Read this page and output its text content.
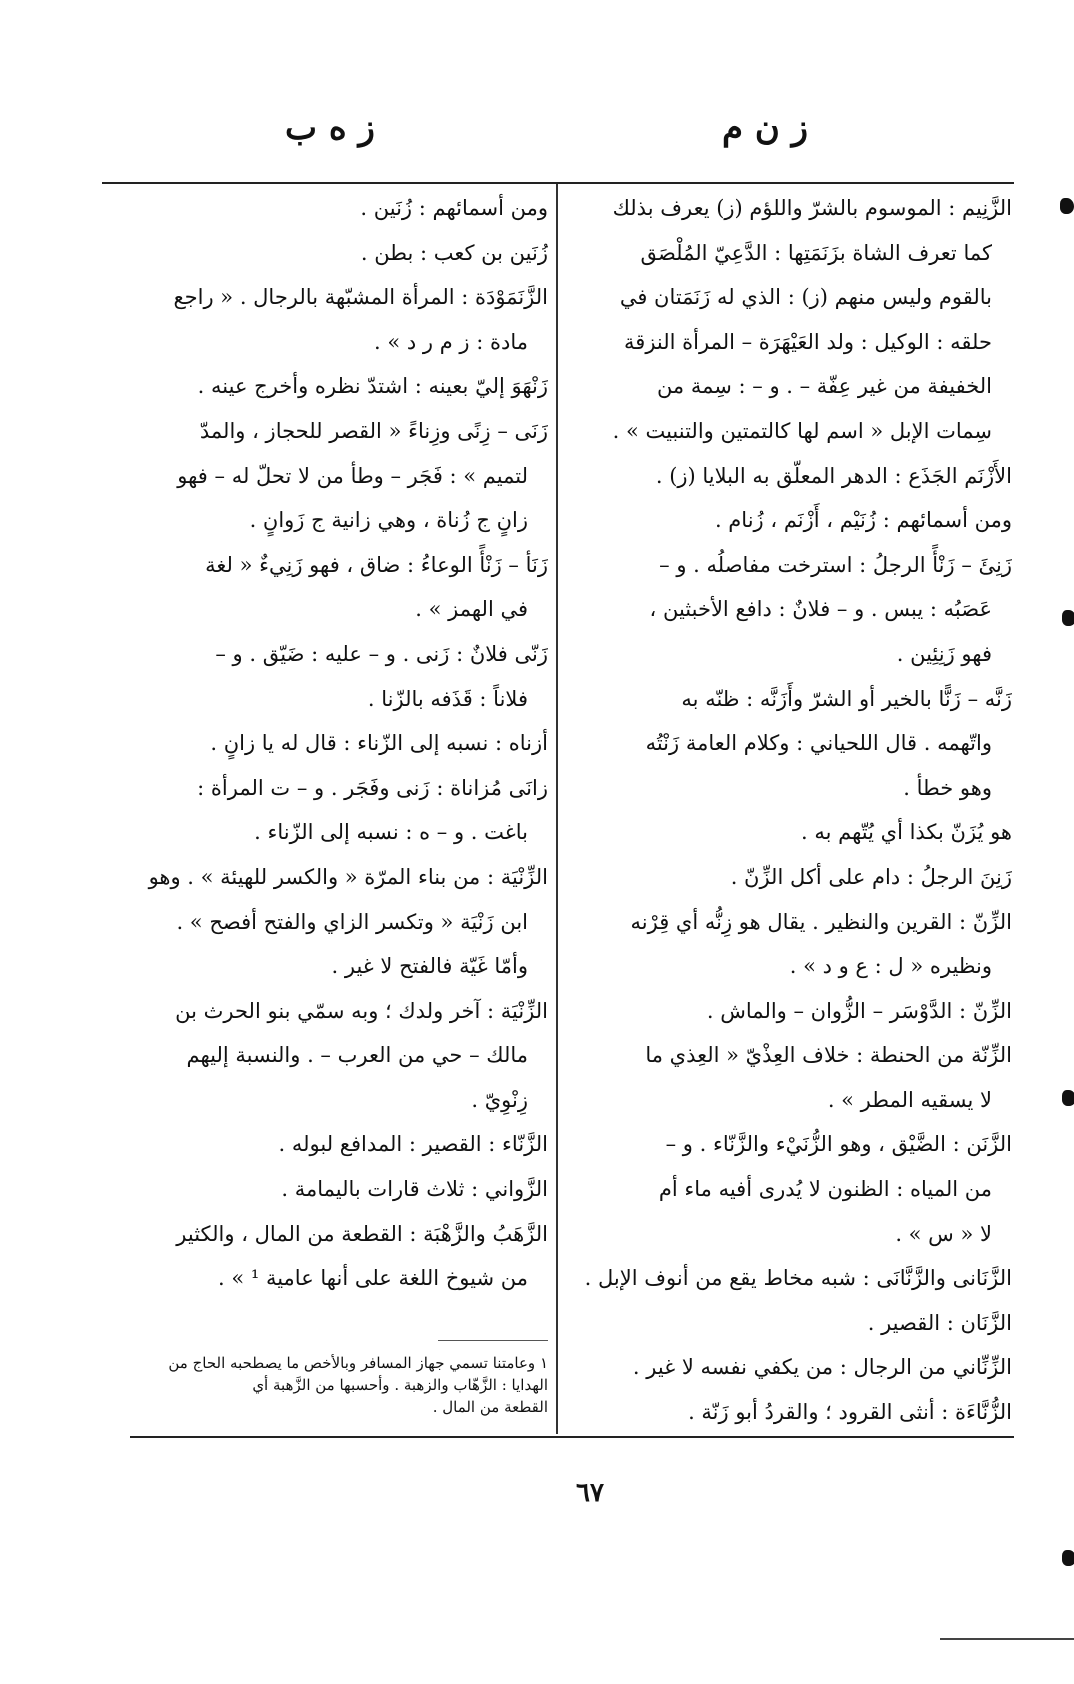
ز ن م
ز ه ب
الزَّنِيم : الموسوم بالشرّ واللؤم (ز) يعرف بذلك
كما تعرف الشاة بزَنَمَتِها : الدَّعِيّ المُلْصَق
بالقوم وليس منهم (ز) : الذي له زَنَمَتان في
حلقه : الوكيل : ولد العَيْهَرَة – المرأة النزقة
الخفيفة من غير عِفّة – . و – : سِمة من
سِمات الإبل « اسم لها كالتمتين والتنبيت » .
الأَزْنَم الجَذَع : الدهر المعلّق به البلايا (ز) .
ومن أسمائهم : زُنَيْم ، أَزْنَم ، زُنام .
زَنِئَ – زَنْأً الرجلُ : استرخت مفاصلُه . و –
عَصَبُه : يبس . و – فلانٌ : دافع الأخبثين ،
فهو زَنِئِين .
زَنَّه – زَنًّا بالخير أو الشرّ وأَزَنَّه : ظنّه به
واتّهمه . قال اللحياني : وكلام العامة زَنْتُه
وهو خطأ .
هو يُزَنّ بكذا أي يُتّهم به .
زَنِنَ الرجلُ : دام على أكل الزِّنّ .
الزِّنّ : القرين والنظير . يقال هو زِنُّه أي قِرْنه
ونظيره « ل : ع و د » .
الزِّنّ : الدَّوْسَر – الزُّوان – والماش .
الزِّنّة من الحنطة : خلاف العِذْيّ « العِذي ما
لا يسقيه المطر » .
الزَّنَن : الضَّيْق ، وهو الزُّنَيْء والزَّنّاء . و –
من المياه : الظنون لا يُدرى أفيه ماء أم
لا « س » .
الزَّنَانى والزَّنَّانَى : شبه مخاط يقع من أنوف الإبل .
الزَّنَان : القصير .
الزِّنِّاني من الرجال : من يكفي نفسه لا غير .
الزُّنَّاءَة : أنثى القرود ؛ والقردُ أبو زَنّة .
ومن أسمائهم : زُنَين .
زُنَين بن كعب : بطن .
الزَّنَمَوْدَة : المرأة المشبّهة بالرجال . « راجع
مادة : ز م ر د » .
زَنْهَوَ إليّ بعينه : اشتدّ نظره وأخرج عينه .
زَنَى – زِنًى وزِناءً « القصر للحجاز ، والمدّ
لتميم » : فَجَر – وطأ من لا تحلّ له – فهو
زانٍ ج زُناة ، وهي زانية ج زَوانٍ .
زَنَأ – زَنْأً الوعاءُ : ضاق ، فهو زَنِيءٌ « لغة
في الهمز » .
زَنّى فلانٌ : زَنى . و – عليه : ضَيّق . و –
فلاناً : قَذَفه بالزّنا .
أزناه : نسبه إلى الزّناء : قال له يا زانٍ .
زانَى مُزاناة : زَنى وفَجَر . و – ت المرأة :
باغت . و – ه : نسبه إلى الزّناء .
الزِّنْيَة : من بناء المرّة « والكسر للهيئة » . وهو
ابن زَنْيَة « وتكسر الزاي والفتح أفصح » .
وأمّا غَيّة فالفتح لا غير .
الزِّنْيَة : آخر ولدك ؛ وبه سمّي بنو الحرث بن
مالك – حي من العرب – . والنسبة إليهم
زِنْوِيّ .
الزَّنّاء : القصير : المدافع لبوله .
الزَّواني : ثلاث قارات باليمامة .
الزَّهَبُ والزَّهْبَة : القطعة من المال ، والكثير
من شيوخ اللغة على أنها عامية ¹ » .
١ وعامتنا تسمي جهاز المسافر وبالأخص ما يصطحبه الحاج من
الهدايا : الزَّهّاب والزهبة . وأحسبها من الزَّهبة أي
القطعة من المال .
٦٧
